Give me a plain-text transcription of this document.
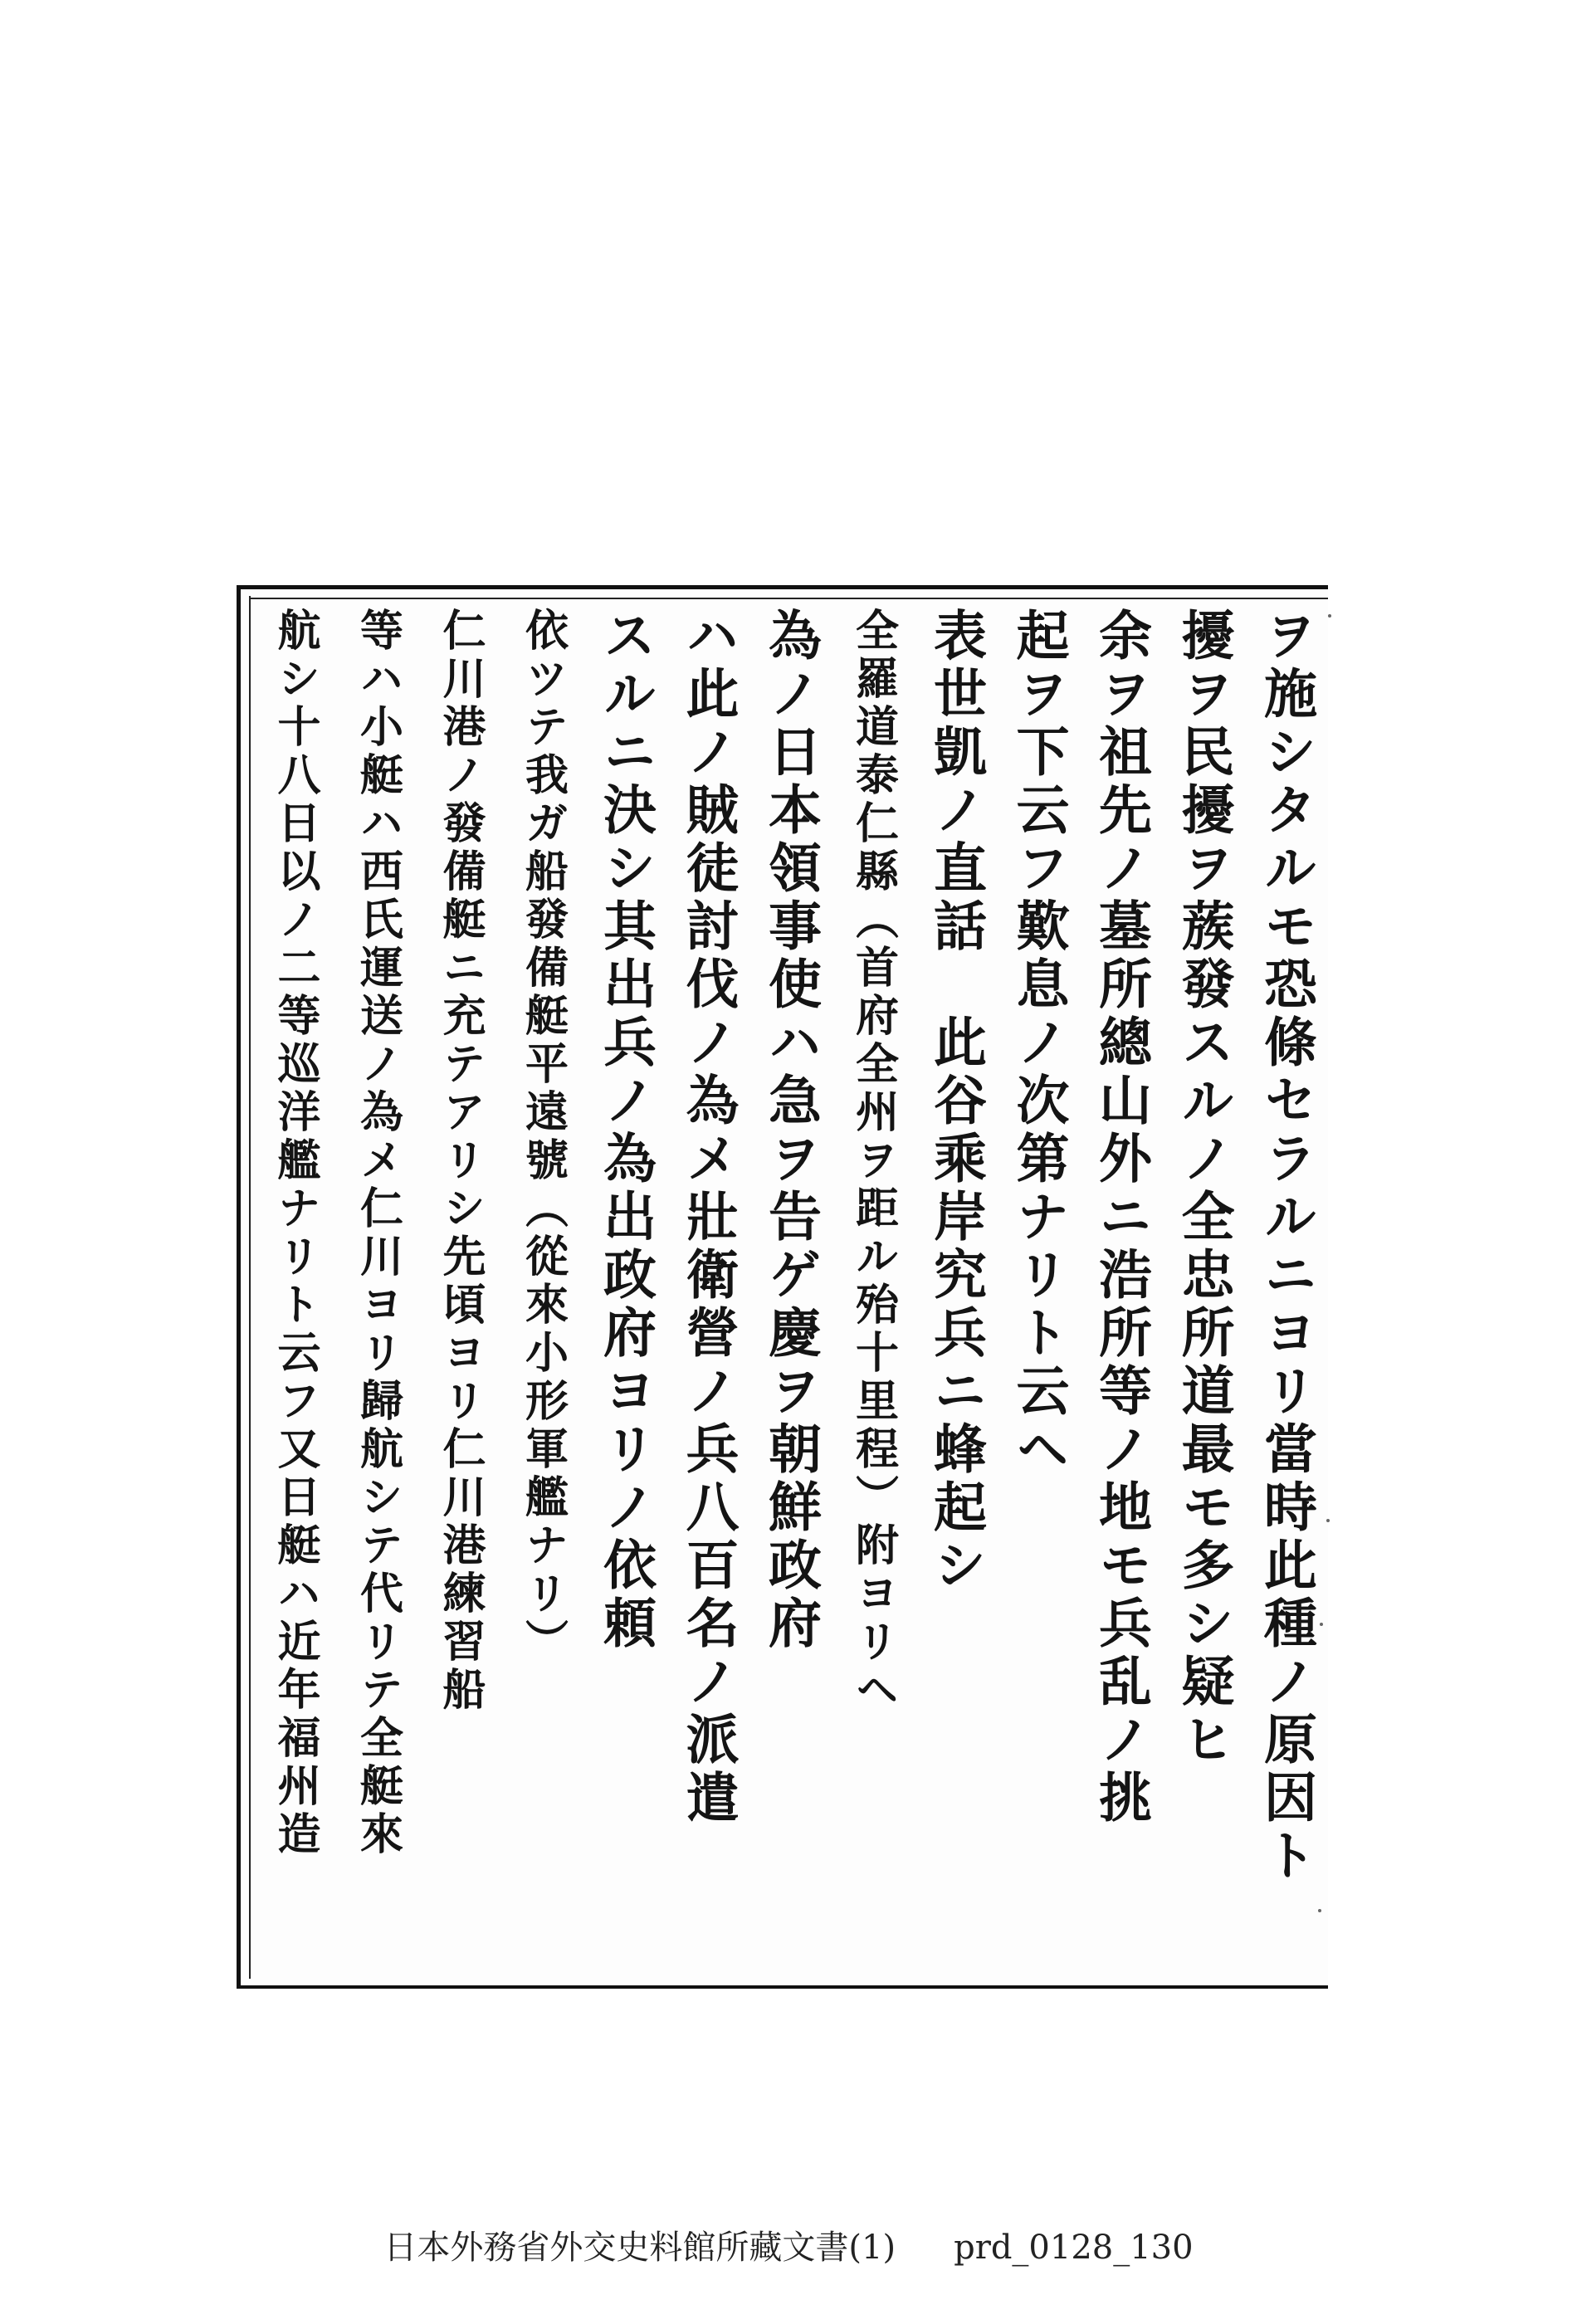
ヲ施シタルモ恐條セラルニヨリ當時此種ノ原因ト
擾ヲ民擾ヲ蔟發スルノ全忠所道最モ多シ疑ヒ
余ヲ祖先ノ墓所總山外ニ浩所等ノ地モ兵乱ノ挑
起ヲ下云フ歎息ノ次第ナリト云ヘ
表世凱ノ直話　此谷乘岸究兵ニ蜂起シ
全羅道泰仁縣（首府全州ヲ距ル殆十里程）附ヨリヘ
為ノ日本領事使ハ急ヲ告ゲ慶ヲ朝鮮政府
ハ此ノ賊徒討伐ノ為メ壯衛營ノ兵八百名ノ派遣
スルニ決シ其出兵ノ為出政府ヨリノ依頼
依ツテ我ガ船發備艇平遠號（從來小形軍艦ナリ）
仁川港ノ發備艇ニ充テアリシ先頃ヨリ仁川港練習船
等ハ小艇ハ西氏運送ノ為メ仁川ヨリ歸航シテ代リテ全艇來
航シ十八日以ノ二等巡洋艦ナリト云フ又日艇ハ近年福州造
日本外務省外交史料館所藏文書(1) prd_0128_130
